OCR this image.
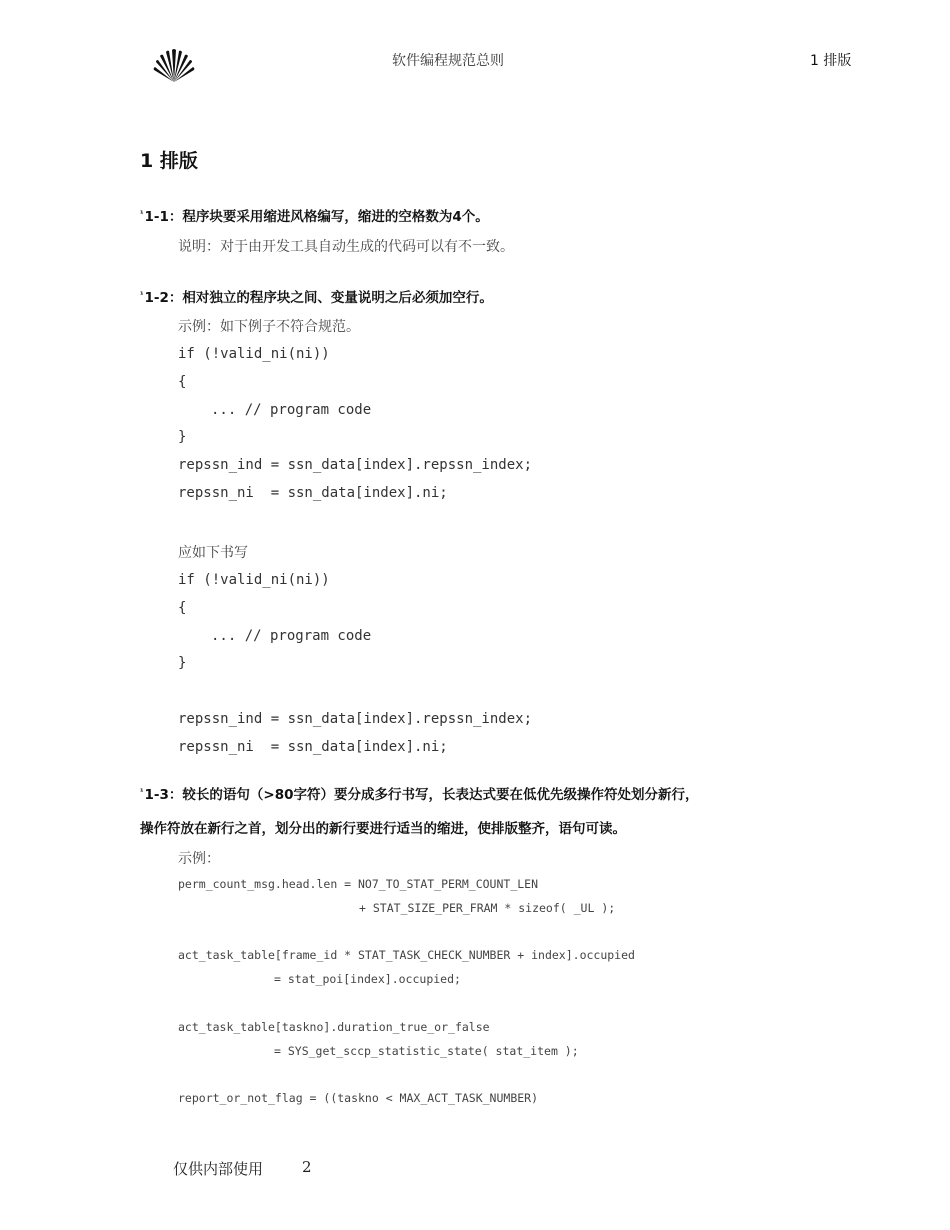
软件编程规范总则	1 排版
1 排版
$^{^1}$1-1：程序块要采用缩进风格编写，缩进的空格数为4个。
说明：对于由开发工具自动生成的代码可以有不一致。
$^{^1}$1-2：相对独立的程序块之间、变量说明之后必须加空行。
示例：如下例子不符合规范。
if (!valid_ni(ni))
{
... // program code
}
repssn_ind = ssn_data[index].repssn_index;
repssn_ni  = ssn_data[index].ni;
应如下书写
if (!valid_ni(ni))
{
... // program code
}
repssn_ind = ssn_data[index].repssn_index;
repssn_ni  = ssn_data[index].ni;
$^{^1}$1-3：较长的语句（>80字符）要分成多行书写，长表达式要在低优先级操作符处划分新行，
操作符放在新行之首，划分出的新行要进行适当的缩进，使排版整齐，语句可读。
示例：
perm_count_msg.head.len = NO7_TO_STAT_PERM_COUNT_LEN
+ STAT_SIZE_PER_FRAM * sizeof( _UL );
act_task_table[frame_id * STAT_TASK_CHECK_NUMBER + index].occupied
= stat_poi[index].occupied;
act_task_table[taskno].duration_true_or_false
= SYS_get_sccp_statistic_state( stat_item );
report_or_not_flag = ((taskno < MAX_ACT_TASK_NUMBER)
仅供内部使用	2
